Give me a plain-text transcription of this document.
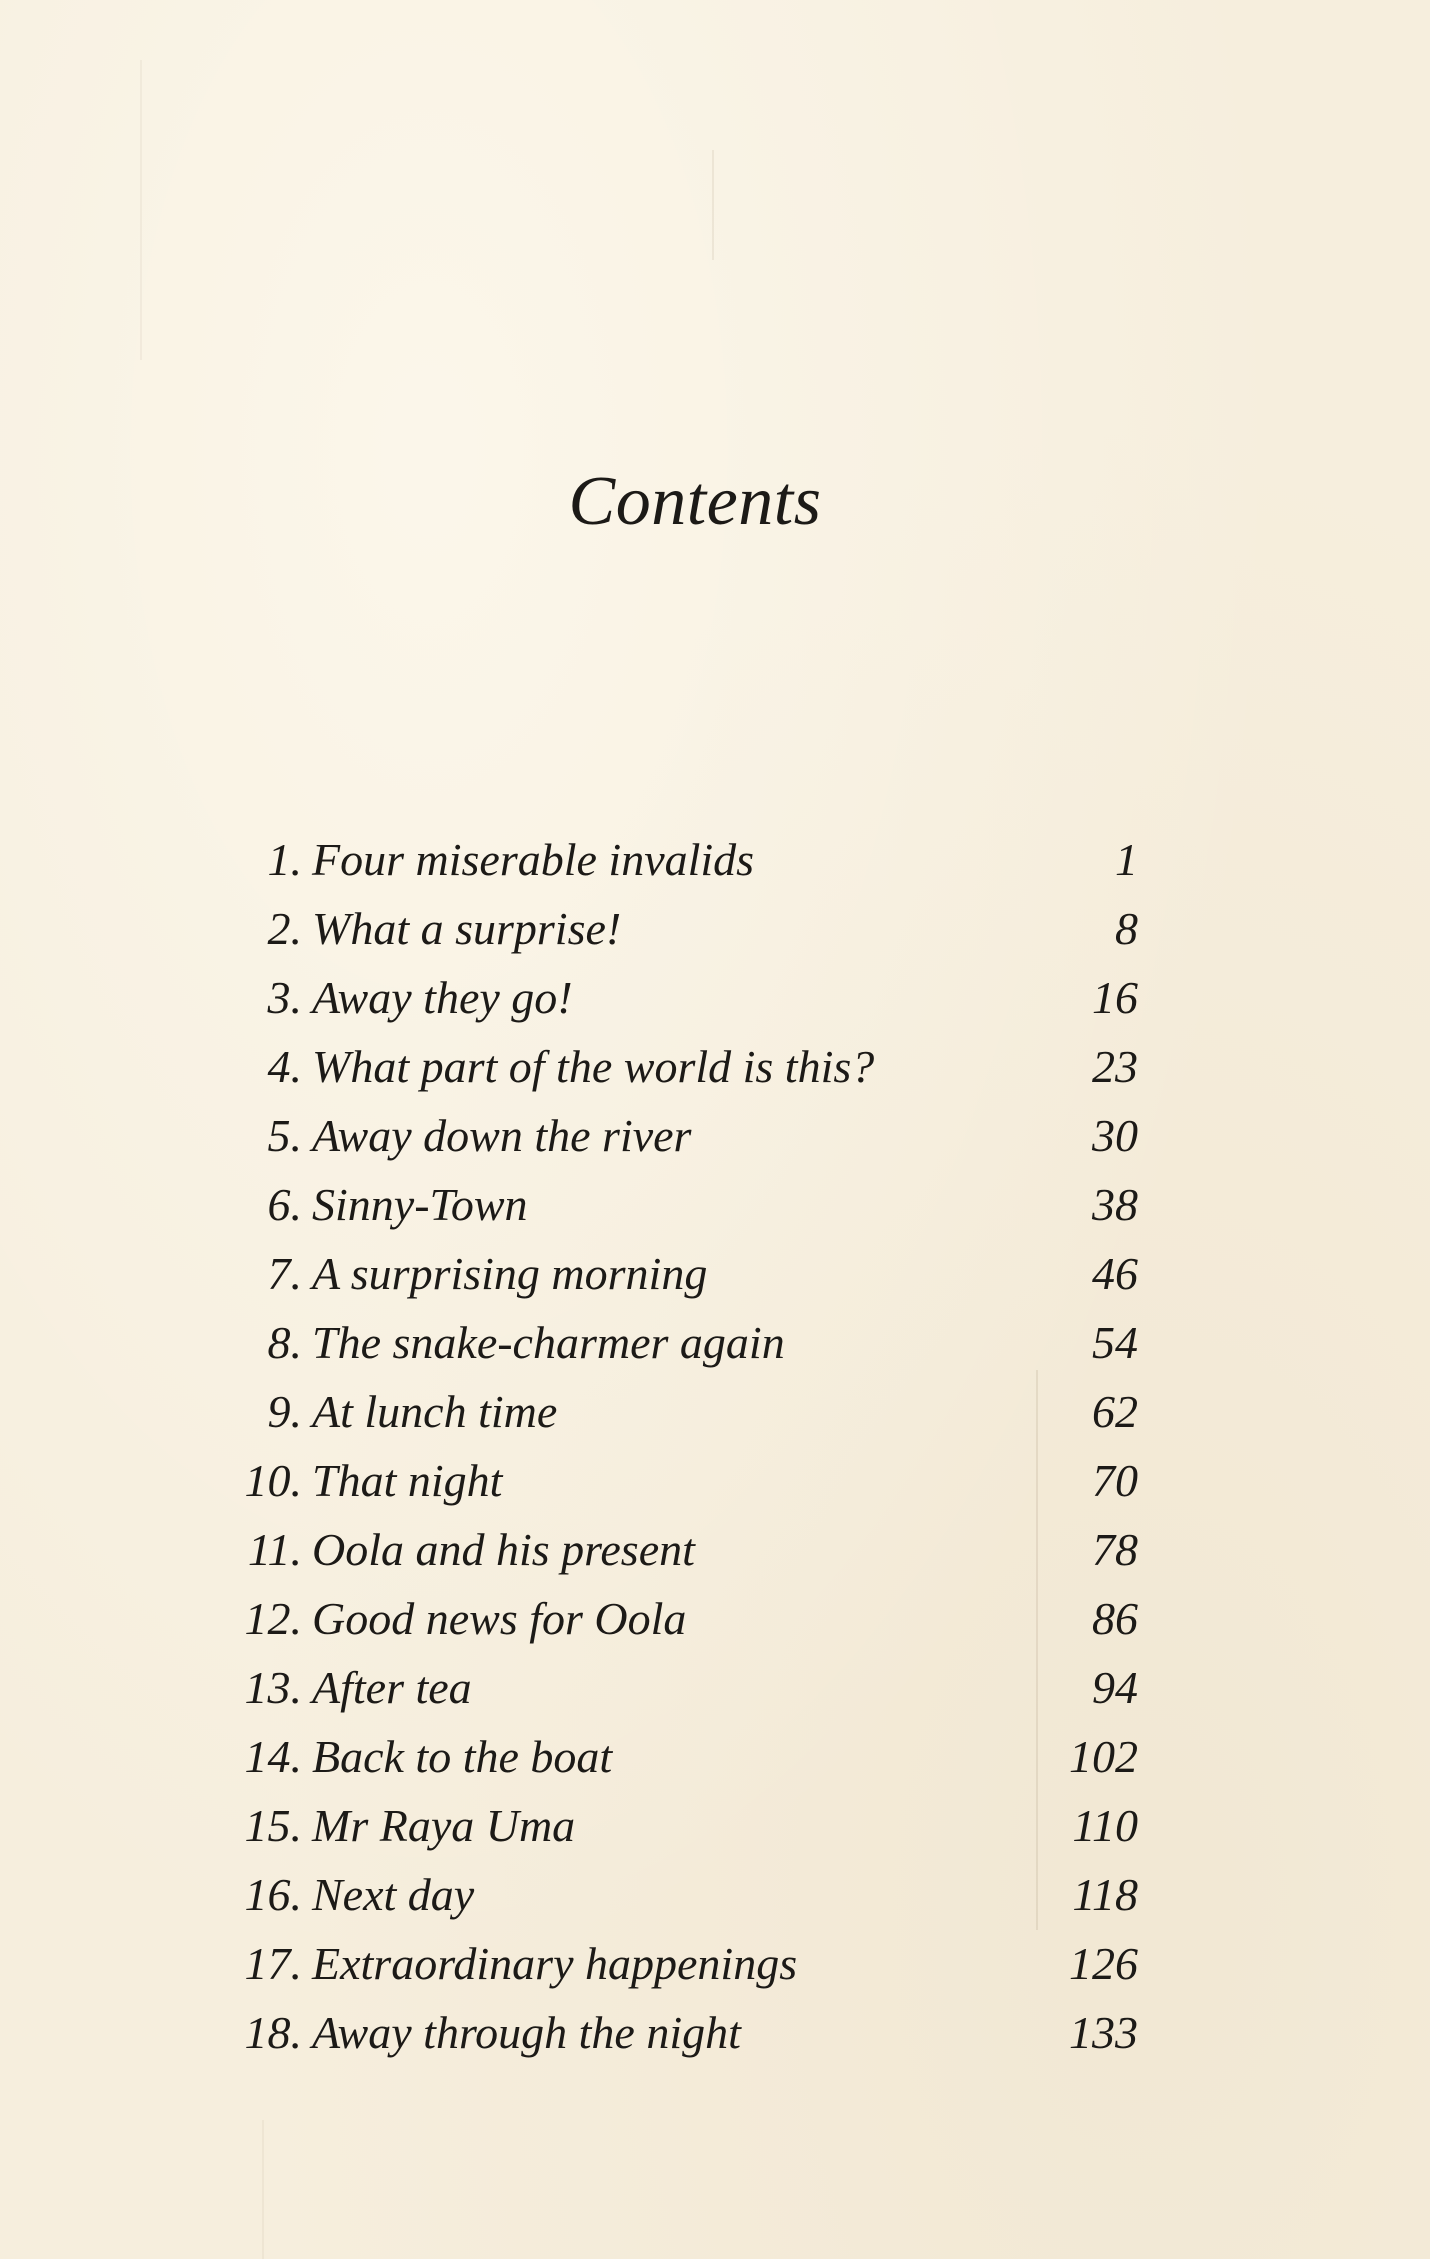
Contents
1. Four miserable invalids	1
2. What a surprise!	8
3. Away they go!	16
4. What part of the world is this?	23
5. Away down the river	30
6. Sinny-Town	38
7. A surprising morning	46
8. The snake-charmer again	54
9. At lunch time	62
10. That night	70
11. Oola and his present	78
12. Good news for Oola	86
13. After tea	94
14. Back to the boat	102
15. Mr Raya Uma	110
16. Next day	118
17. Extraordinary happenings	126
18. Away through the night	133
